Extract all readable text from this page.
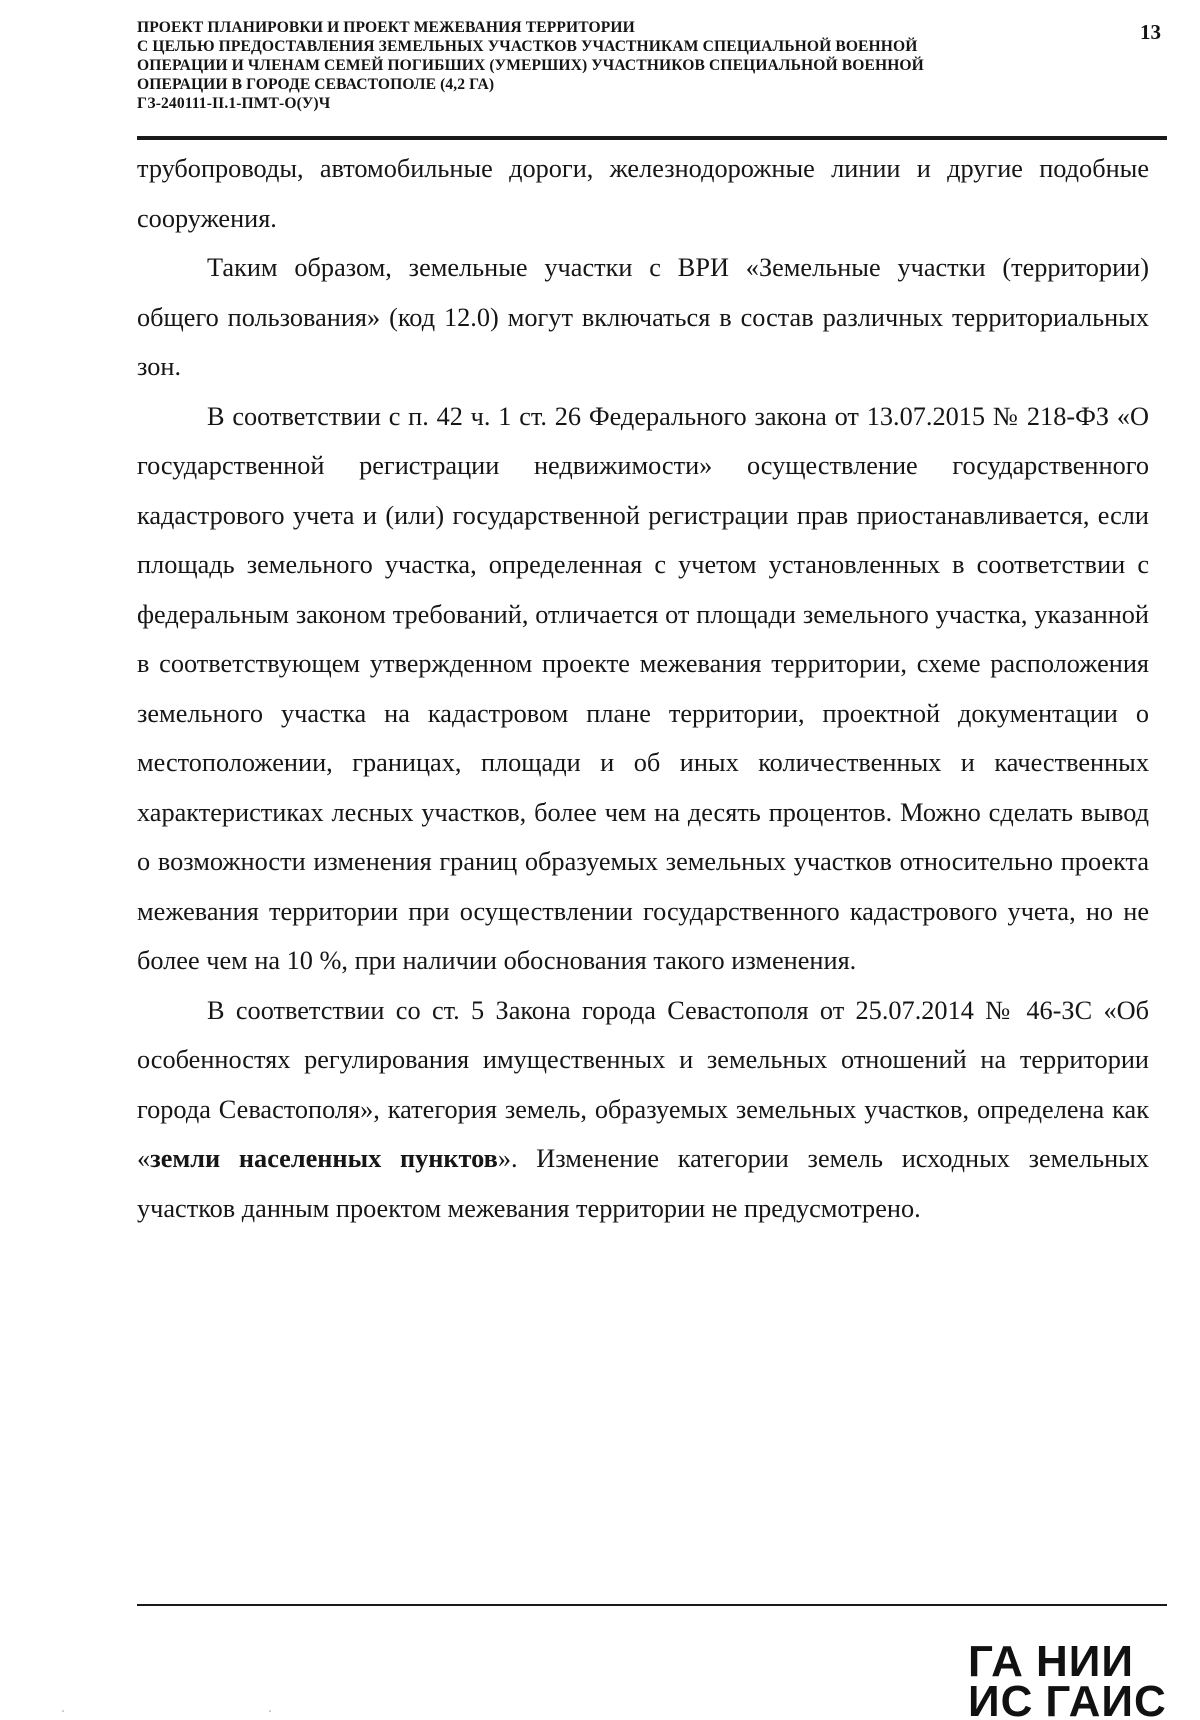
ПРОЕКТ ПЛАНИРОВКИ И ПРОЕКТ МЕЖЕВАНИЯ ТЕРРИТОРИИ
С ЦЕЛЬЮ ПРЕДОСТАВЛЕНИЯ ЗЕМЕЛЬНЫХ УЧАСТКОВ УЧАСТНИКАМ СПЕЦИАЛЬНОЙ ВОЕННОЙ
ОПЕРАЦИИ И ЧЛЕНАМ СЕМЕЙ ПОГИБШИХ (УМЕРШИХ) УЧАСТНИКОВ СПЕЦИАЛЬНОЙ ВОЕННОЙ
ОПЕРАЦИИ В ГОРОДЕ СЕВАСТОПОЛЕ (4,2 ГА)
ГЗ-240111-II.1-ПМТ-О(У)Ч
13

трубопроводы, автомобильные дороги, железнодорожные линии и другие подобные сооружения.

Таким образом, земельные участки с ВРИ «Земельные участки (территории) общего пользования» (код 12.0) могут включаться в состав различных территориальных зон.

В соответствии с п. 42 ч. 1 ст. 26 Федерального закона от 13.07.2015 № 218-ФЗ «О государственной регистрации недвижимости» осуществление государственного кадастрового учета и (или) государственной регистрации прав приостанавливается, если площадь земельного участка, определенная с учетом установленных в соответствии с федеральным законом требований, отличается от площади земельного участка, указанной в соответствующем утвержденном проекте межевания территории, схеме расположения земельного участка на кадастровом плане территории, проектной документации о местоположении, границах, площади и об иных количественных и качественных характеристиках лесных участков, более чем на десять процентов. Можно сделать вывод о возможности изменения границ образуемых земельных участков относительно проекта межевания территории при осуществлении государственного кадастрового учета, но не более чем на 10 %, при наличии обоснования такого изменения.

В соответствии со ст. 5 Закона города Севастополя от 25.07.2014 № 46-ЗС «Об особенностях регулирования имущественных и земельных отношений на территории города Севастополя», категория земель, образуемых земельных участков, определена как «земли населенных пунктов». Изменение категории земель исходных земельных участков данным проектом межевания территории не предусмотрено.

ГА НИИ
ИС ГАИС
